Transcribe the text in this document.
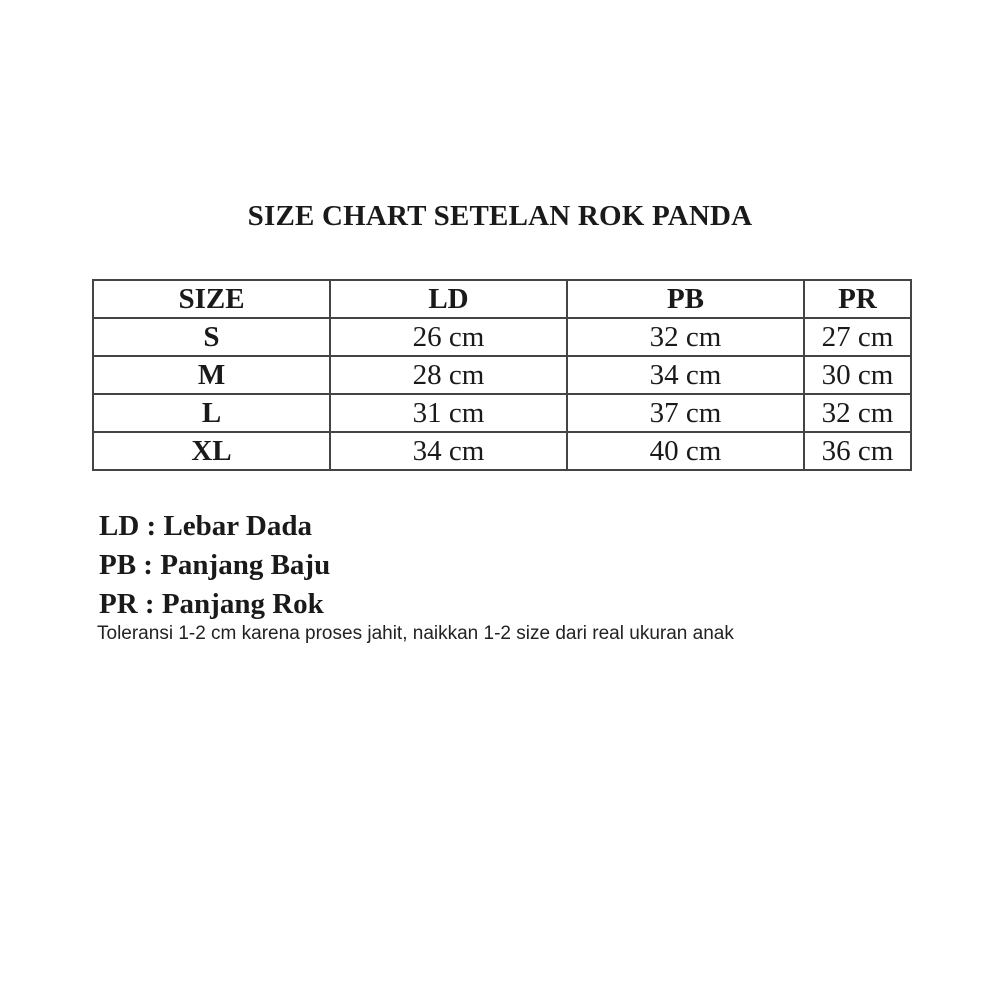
SIZE CHART SETELAN ROK PANDA
SIZE	LD	PB	PR
S	26 cm	32 cm	27 cm
M	28 cm	34 cm	30 cm
L	31 cm	37 cm	32 cm
XL	34 cm	40 cm	36 cm
LD : Lebar Dada
PB : Panjang Baju
PR : Panjang Rok
Toleransi 1-2 cm karena proses jahit, naikkan 1-2 size dari real ukuran anak
